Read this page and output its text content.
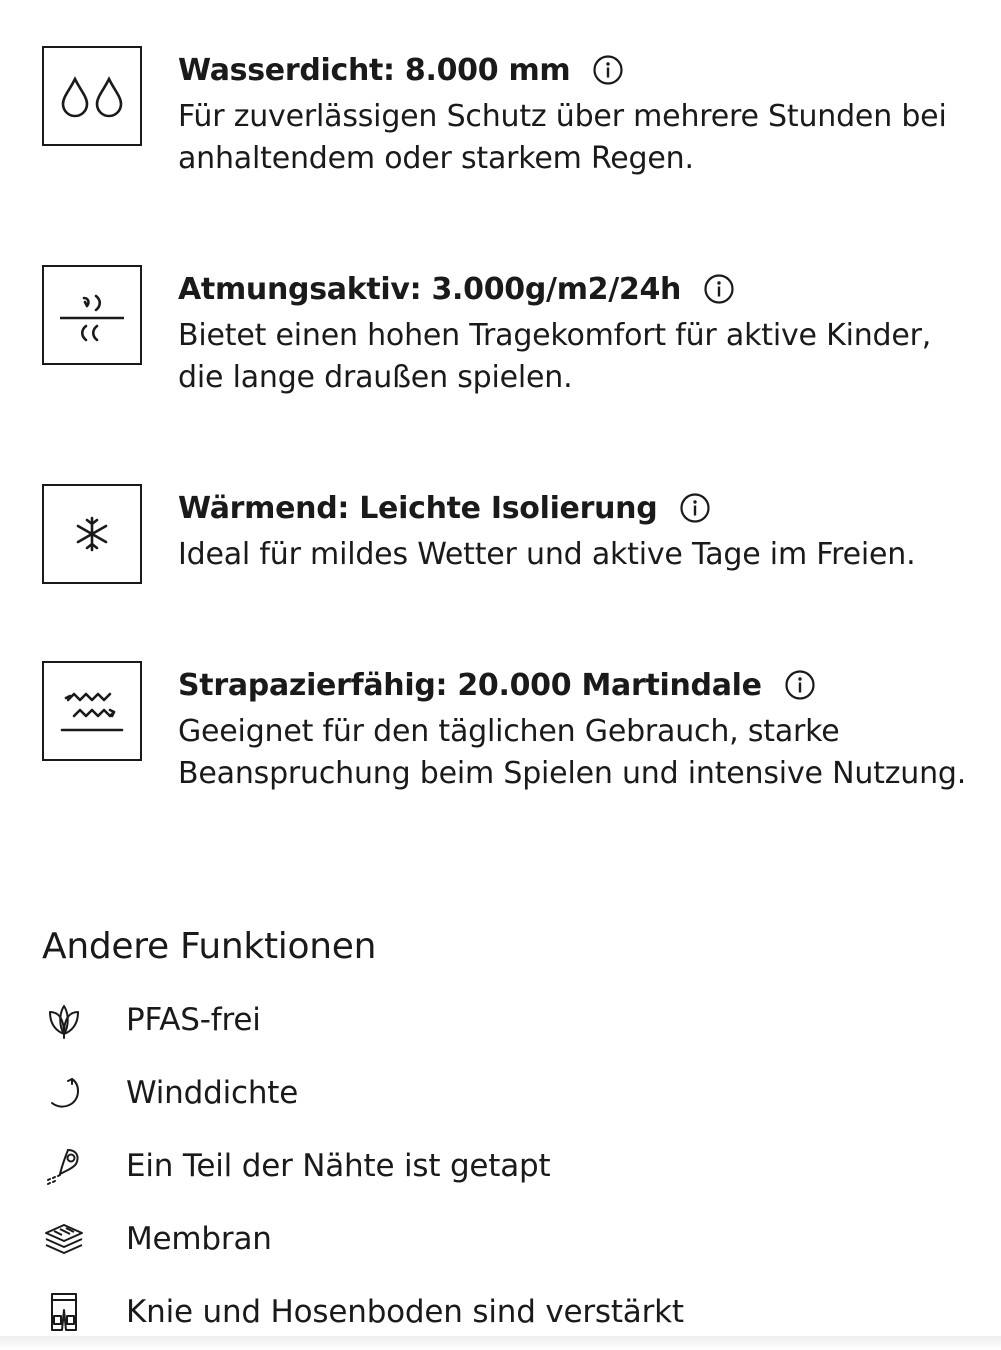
Wasserdicht: 8.000 mm
Für zuverlässigen Schutz über mehrere Stunden bei anhaltendem oder starkem Regen.
Atmungsaktiv: 3.000g/m2/24h
Bietet einen hohen Tragekomfort für aktive Kinder, die lange draußen spielen.
Wärmend: Leichte Isolierung
Ideal für mildes Wetter und aktive Tage im Freien.
Strapazierfähig: 20.000 Martindale
Geeignet für den täglichen Gebrauch, starke Beanspruchung beim Spielen und intensive Nutzung.
Andere Funktionen
PFAS-frei
Winddichte
Ein Teil der Nähte ist getapt
Membran
Knie und Hosenboden sind verstärkt
